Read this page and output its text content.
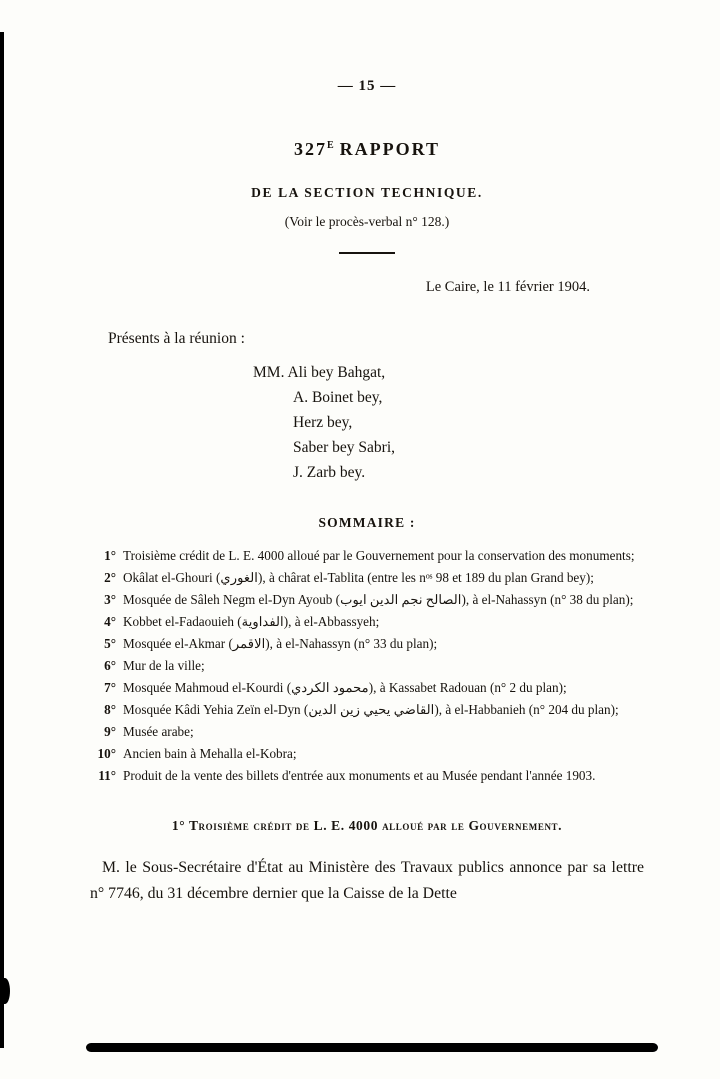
— 15 —
$327^E$ RAPPORT
DE LA SECTION TECHNIQUE.
(Voir le procès-verbal n° 128.)
Le Caire, le 11 février 1904.
Présents à la réunion :
MM. Ali bey Bahgat,
A. Boinet bey,
Herz bey,
Saber bey Sabri,
J. Zarb bey.
SOMMAIRE :
1° Troisième crédit de L. E. 4000 alloué par le Gouvernement pour la conservation des monuments;
2° Okâlat el-Ghouri (الغوري), à chârat el-Tablita (entre les nᵒˢ 98 et 189 du plan Grand bey);
3° Mosquée de Sâleh Negm el-Dyn Ayoub (الصالح نجم الدين ايوب), à el-Nahassyn (n° 38 du plan);
4° Kobbet el-Fadaouieh (الفداوية), à el-Abbassyeh;
5° Mosquée el-Akmar (الاقمر), à el-Nahassyn (n° 33 du plan);
6° Mur de la ville;
7° Mosquée Mahmoud el-Kourdi (محمود الكردي), à Kassabet Radouan (n° 2 du plan);
8° Mosquée Kâdi Yehia Zeïn el-Dyn (القاضي يحيي زين الدين), à el-Habbanieh (n° 204 du plan);
9° Musée arabe;
10° Ancien bain à Mehalla el-Kobra;
11° Produit de la vente des billets d'entrée aux monuments et au Musée pendant l'année 1903.
1° Troisième crédit de L. E. 4000 alloué par le Gouvernement.

M. le Sous-Secrétaire d'État au Ministère des Travaux publics annonce par sa lettre n° 7746, du 31 décembre dernier que la Caisse de la Dette
